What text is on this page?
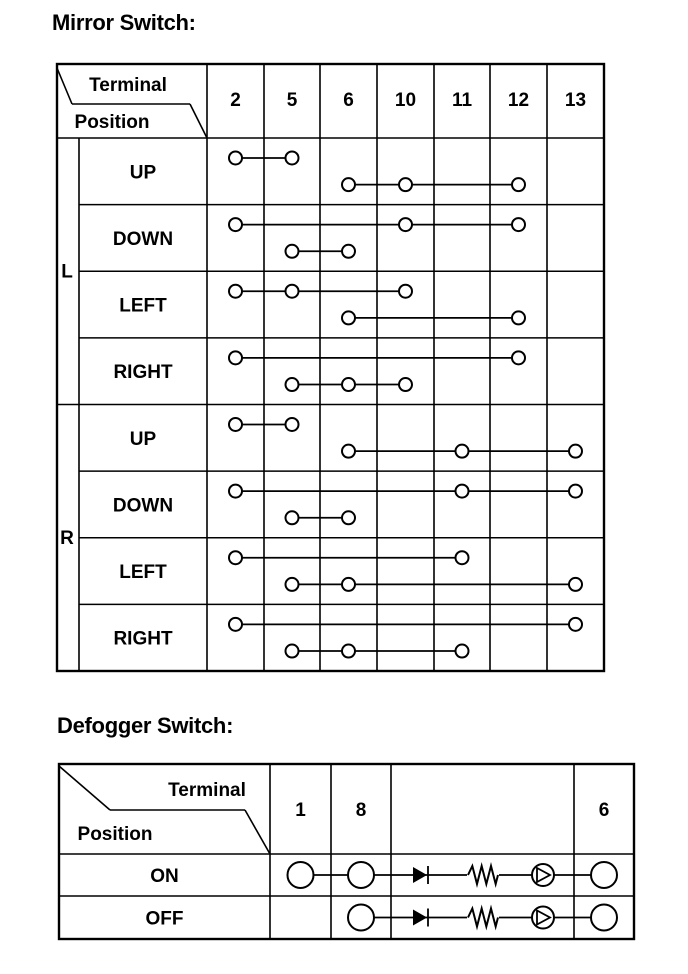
Mirror Switch:
Defogger Switch:
Terminal
Position
2 5 6 10 11 12 13
L
UP
DOWN
LEFT
RIGHT
R
UP
DOWN
LEFT
RIGHT
Terminal
Position
1	8	6
ON
OFF
